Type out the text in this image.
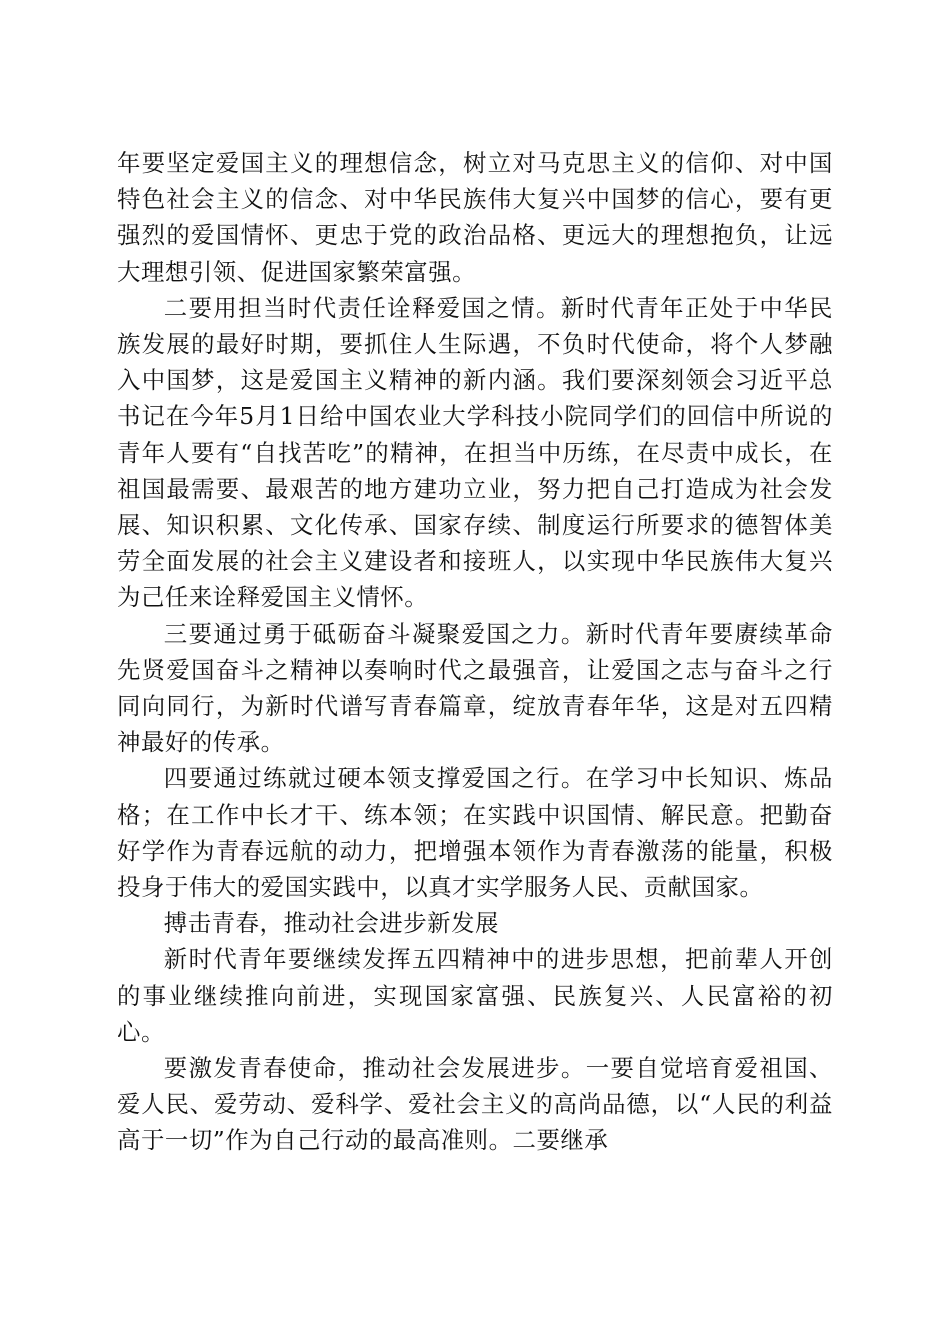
年要坚定爱国主义的理想信念，树立对马克思主义的信仰、对中国特色社会主义的信念、对中华民族伟大复兴中国梦的信心，要有更强烈的爱国情怀、更忠于党的政治品格、更远大的理想抱负，让远大理想引领、促进国家繁荣富强。

二要用担当时代责任诠释爱国之情。新时代青年正处于中华民族发展的最好时期，要抓住人生际遇，不负时代使命，将个人梦融入中国梦，这是爱国主义精神的新内涵。我们要深刻领会习近平总书记在今年5月1日给中国农业大学科技小院同学们的回信中所说的青年人要有“自找苦吃”的精神，在担当中历练，在尽责中成长，在祖国最需要、最艰苦的地方建功立业，努力把自己打造成为社会发展、知识积累、文化传承、国家存续、制度运行所要求的德智体美劳全面发展的社会主义建设者和接班人，以实现中华民族伟大复兴为己任来诠释爱国主义情怀。

三要通过勇于砥砺奋斗凝聚爱国之力。新时代青年要赓续革命先贤爱国奋斗之精神以奏响时代之最强音，让爱国之志与奋斗之行同向同行，为新时代谱写青春篇章，绽放青春年华，这是对五四精神最好的传承。

四要通过练就过硬本领支撑爱国之行。在学习中长知识、炼品格；在工作中长才干、练本领；在实践中识国情、解民意。把勤奋好学作为青春远航的动力，把增强本领作为青春激荡的能量，积极投身于伟大的爱国实践中，以真才实学服务人民、贡献国家。

搏击青春，推动社会进步新发展

新时代青年要继续发挥五四精神中的进步思想，把前辈人开创的事业继续推向前进，实现国家富强、民族复兴、人民富裕的初心。

要激发青春使命，推动社会发展进步。一要自觉培育爱祖国、爱人民、爱劳动、爱科学、爱社会主义的高尚品德，以“人民的利益高于一切”作为自己行动的最高准则。二要继承
